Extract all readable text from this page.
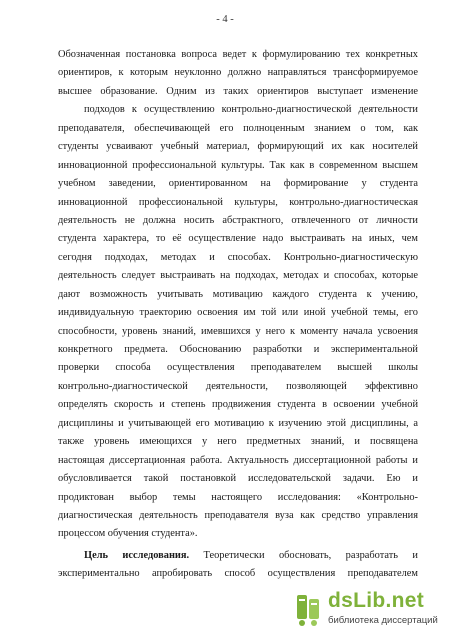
- 4 -
Обозначенная постановка вопроса ведет к формулированию тех конкретных
ориентиров, к которым неуклонно должно направляться трансформируемое
высшее образование. Одним из таких ориентиров выступает изменение
подходов к осуществлению контрольно-диагностической деятельности
преподавателя, обеспечивающей его полноценным знанием о том, как
студенты усваивают учебный материал, формирующий их как носителей
инновационной профессиональной культуры. Так как в современном высшем
учебном заведении, ориентированном на формирование у студента
инновационной профессиональной культуры, контрольно-диагностическая
деятельность не должна носить абстрактного, отвлеченного от личности
студента характера, то её осуществление надо выстраивать на иных, чем
сегодня подходах, методах и способах. Контрольно-диагностическую
деятельность следует выстраивать на подходах, методах и способах, которые
дают возможность учитывать мотивацию каждого студента к учению,
индивидуальную траекторию освоения им той или иной учебной темы, его
способности, уровень знаний, имевшихся у него к моменту начала усвоения
конкретного предмета. Обоснованию разработки и экспериментальной
проверки способа осуществления преподавателем высшей школы
контрольно-диагностической деятельности, позволяющей эффективно
определять скорость и степень продвижения студента в освоении учебной
дисциплины и учитывающей его мотивацию к изучению этой дисциплины, а
также уровень имеющихся у него предметных знаний, и посвящена
настоящая диссертационная работа. Актуальность диссертационной работы и
обусловливается такой постановкой исследовательской задачи. Ею и
продиктован выбор темы настоящего исследования: «Контрольно-
диагностическая деятельность преподавателя вуза как средство управления
процессом обучения студента».
Цель исследования. Теоретически обосновать, разработать и
экспериментально апробировать способ осуществления преподавателем
dsLib.net
библиотека диссертаций
